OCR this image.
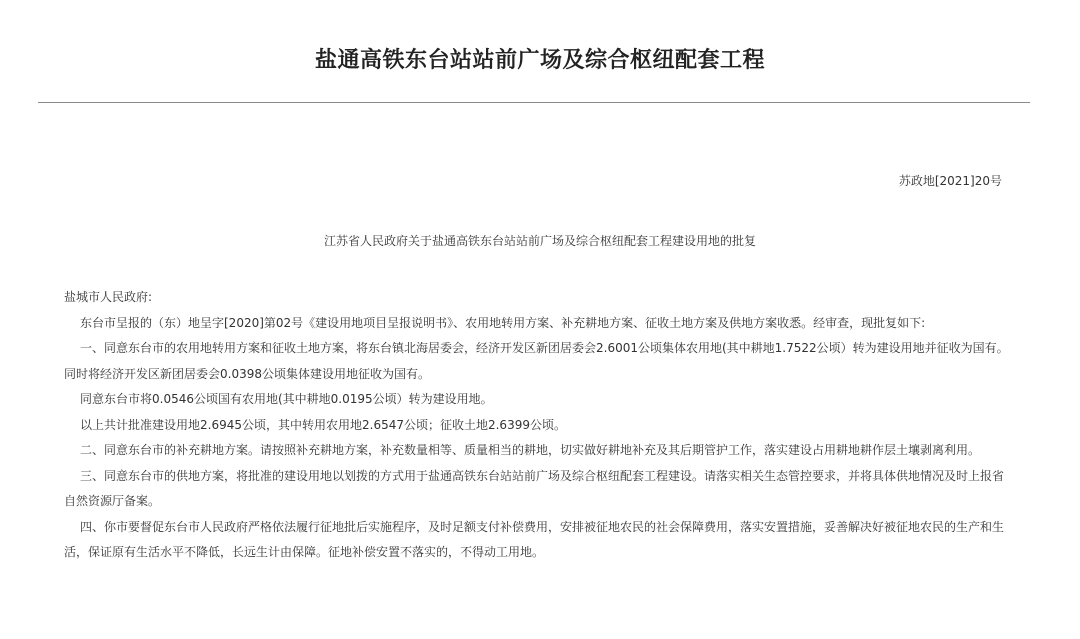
盐通高铁东台站站前广场及综合枢纽配套工程
苏政地[2021]20号
江苏省人民政府关于盐通高铁东台站站前广场及综合枢纽配套工程建设用地的批复

盐城市人民政府:

东台市呈报的（东）地呈字[2020]第02号《建设用地项目呈报说明书》、农用地转用方案、补充耕地方案、征收土地方案及供地方案收悉。经审查，现批复如下:

一、同意东台市的农用地转用方案和征收土地方案，将东台镇北海居委会，经济开发区新团居委会2.6001公顷集体农用地(其中耕地1.7522公顷）转为建设用地并征收为国有。同时将经济开发区新团居委会0.0398公顷集体建设用地征收为国有。

同意东台市将0.0546公顷国有农用地(其中耕地0.0195公顷）转为建设用地。

以上共计批准建设用地2.6945公顷，其中转用农用地2.6547公顷；征收土地2.6399公顷。

二、同意东台市的补充耕地方案。请按照补充耕地方案，补充数量相等、质量相当的耕地，切实做好耕地补充及其后期管护工作，落实建设占用耕地耕作层土壤剥离利用。

三、同意东台市的供地方案，将批准的建设用地以划拨的方式用于盐通高铁东台站站前广场及综合枢纽配套工程建设。请落实相关生态管控要求，并将具体供地情况及时上报省自然资源厅备案。

四、你市要督促东台市人民政府严格依法履行征地批后实施程序，及时足额支付补偿费用，安排被征地农民的社会保障费用，落实安置措施，妥善解决好被征地农民的生产和生活，保证原有生活水平不降低，长远生计由保障。征地补偿安置不落实的，不得动工用地。
